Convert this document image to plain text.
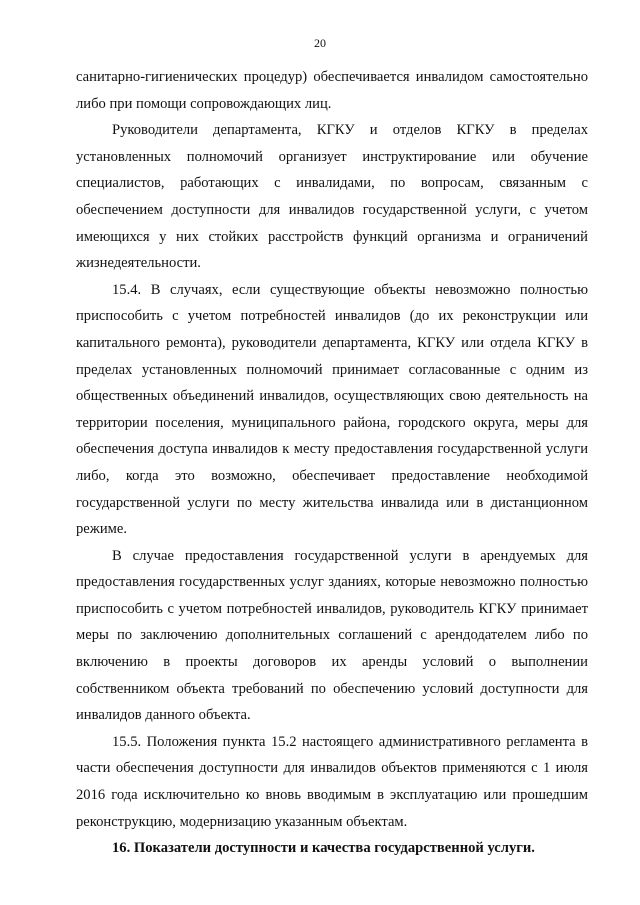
20

санитарно-гигиенических процедур) обеспечивается инвалидом самостоятельно либо при помощи сопровождающих лиц.

Руководители департамента, КГКУ и отделов КГКУ в пределах установленных полномочий организует инструктирование или обучение специалистов, работающих с инвалидами, по вопросам, связанным с обеспечением доступности для инвалидов государственной услуги, с учетом имеющихся у них стойких расстройств функций организма и ограничений жизнедеятельности.

15.4. В случаях, если существующие объекты невозможно полностью приспособить с учетом потребностей инвалидов (до их реконструкции или капитального ремонта), руководители департамента, КГКУ или отдела КГКУ в пределах установленных полномочий принимает согласованные с одним из общественных объединений инвалидов, осуществляющих свою деятельность на территории поселения, муниципального района, городского округа, меры для обеспечения доступа инвалидов к месту предоставления государственной услуги либо, когда это возможно, обеспечивает предоставление необходимой государственной услуги по месту жительства инвалида или в дистанционном режиме.

В случае предоставления государственной услуги в арендуемых для предоставления государственных услуг зданиях, которые невозможно полностью приспособить с учетом потребностей инвалидов, руководитель КГКУ принимает меры по заключению дополнительных соглашений с арендодателем либо по включению в проекты договоров их аренды условий о выполнении собственником объекта требований по обеспечению условий доступности для инвалидов данного объекта.

15.5. Положения пункта 15.2 настоящего административного регламента в части обеспечения доступности для инвалидов объектов применяются с 1 июля 2016 года исключительно ко вновь вводимым в эксплуатацию или прошедшим реконструкцию, модернизацию указанным объектам.

16. Показатели доступности и качества государственной услуги.
